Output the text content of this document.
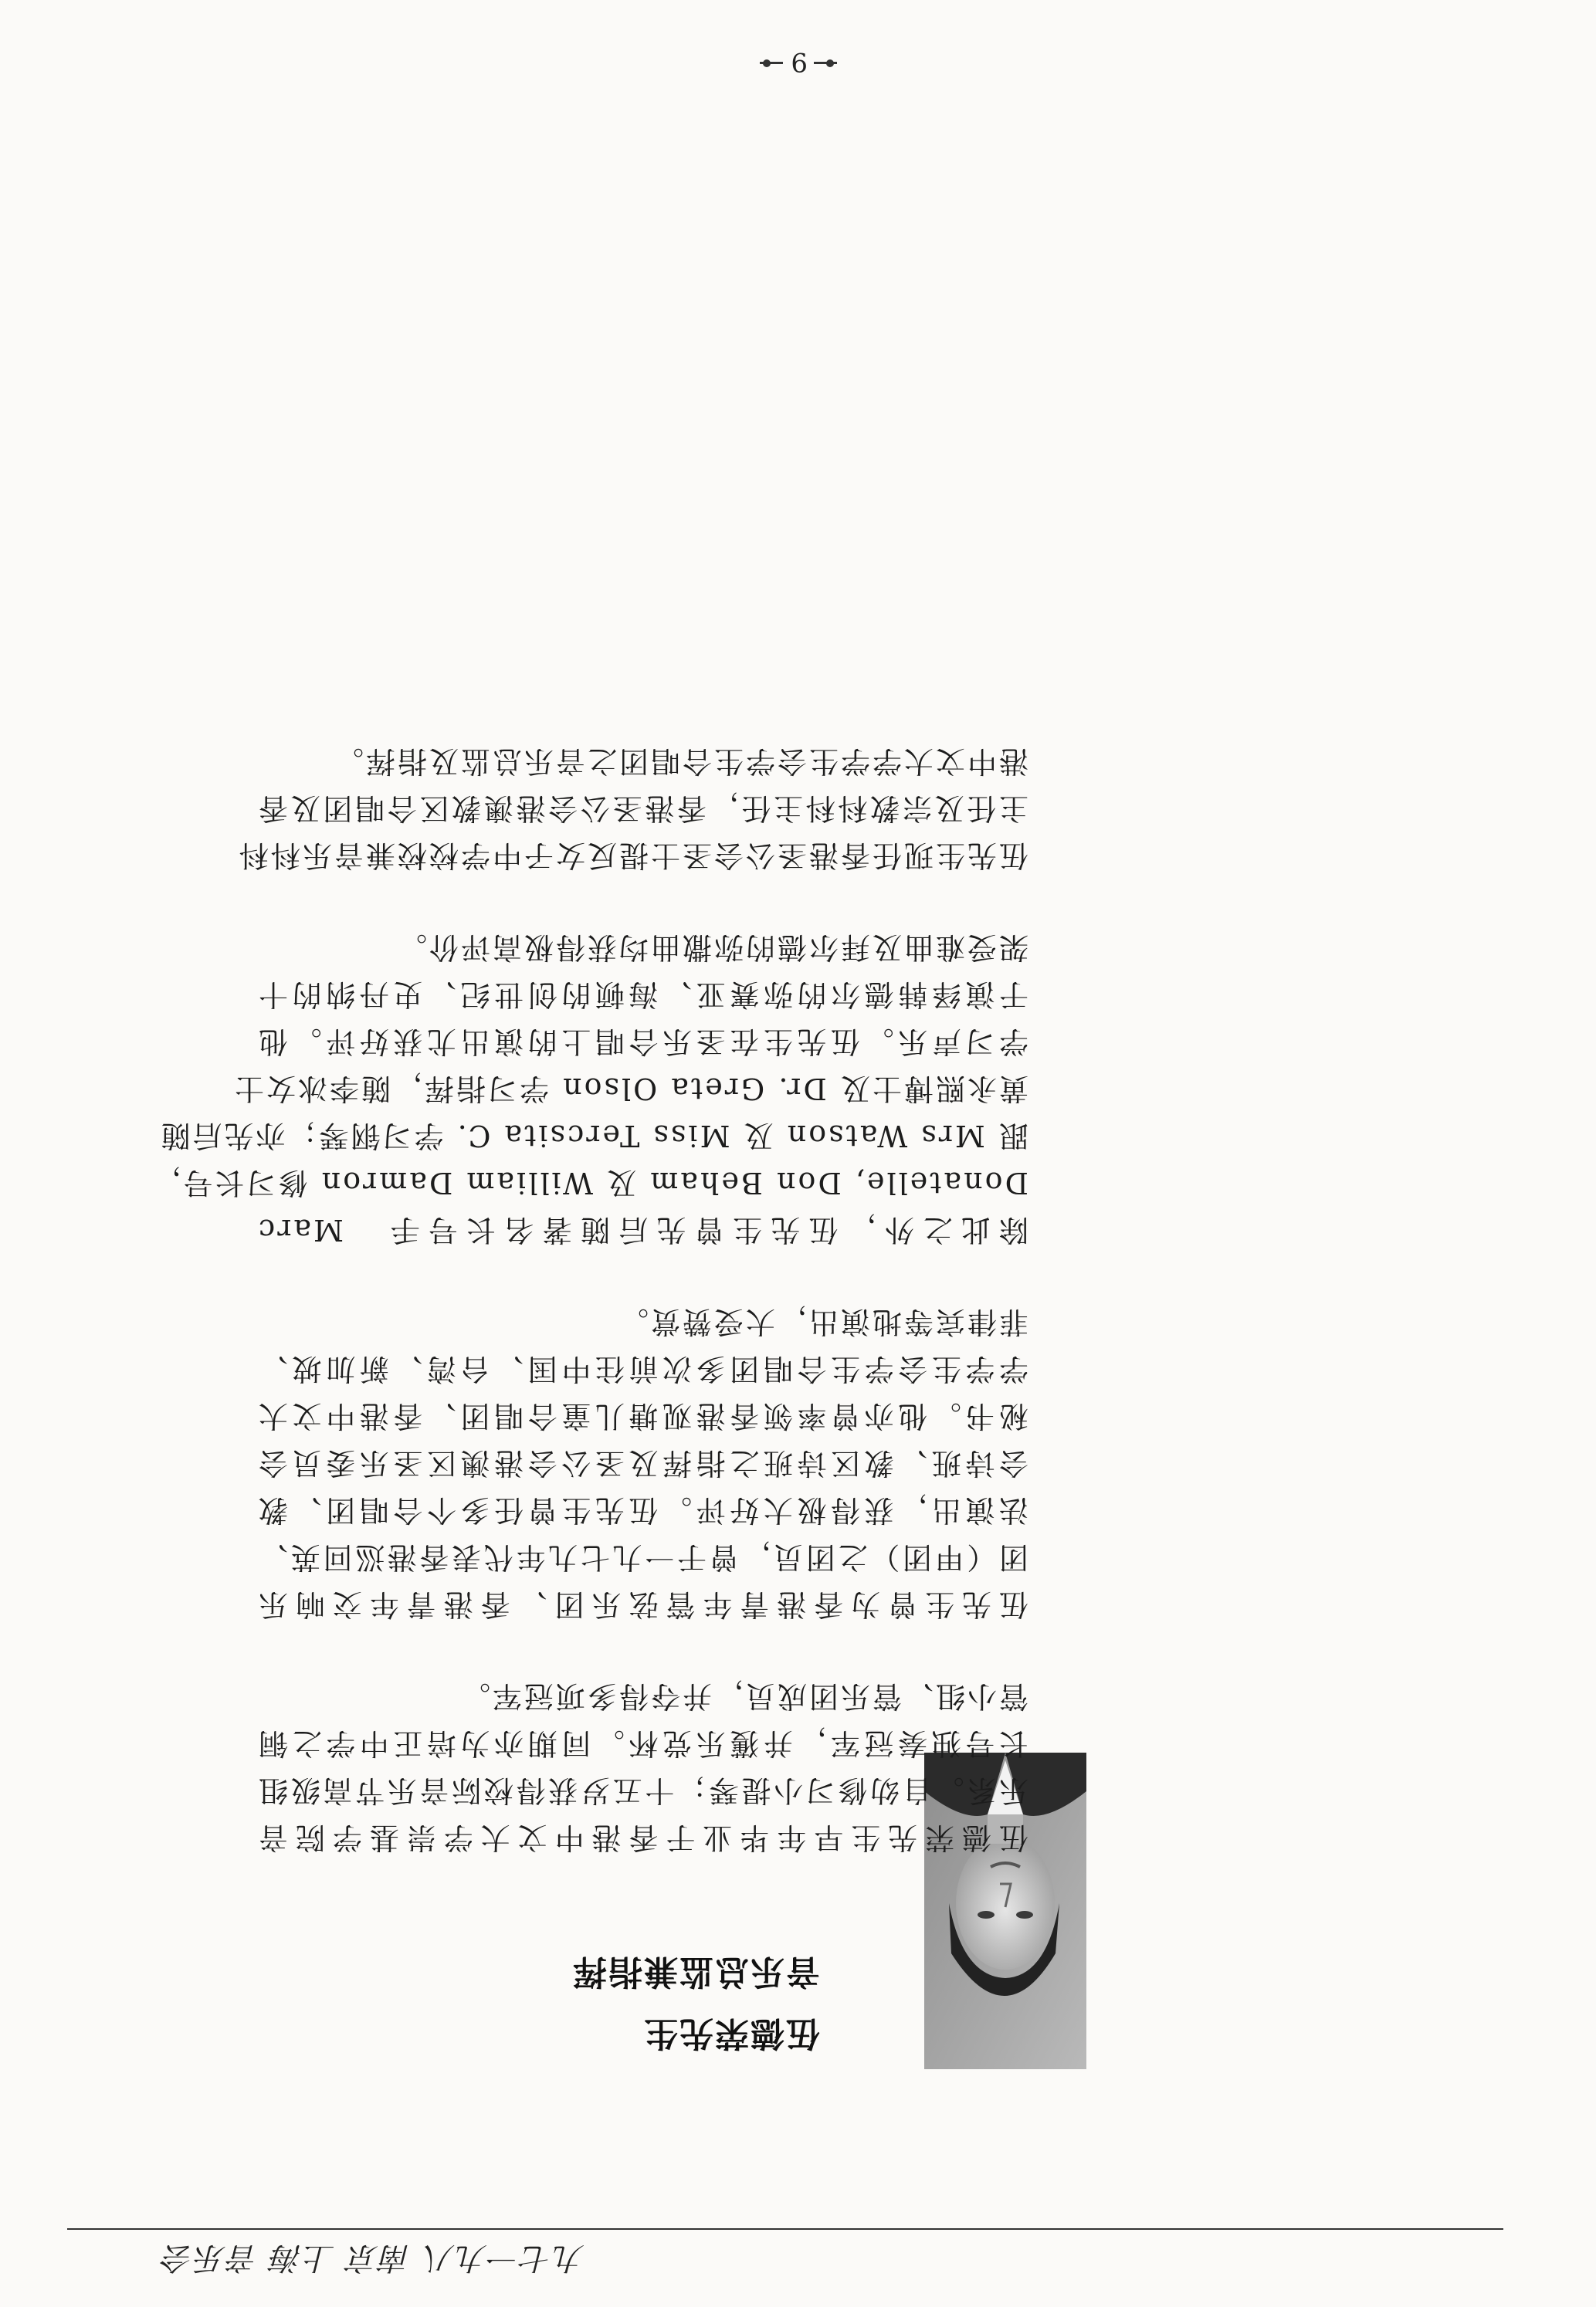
九七一九八 南京 上海 音乐会
伍德荣先生
音乐总监兼指挥
伍德荣先生早年毕业于香港中文大学崇基学院音
乐系。自幼修习小提琴；十五岁获得校际音乐节高级组
长号独奏冠军，并獲乐党杯。同期亦为培正中学之铜
管小组、管乐团成员，并夺得多项冠军。
伍先生曾为香港青年管弦乐团、香港青年交响乐
团（甲团）之团员，曾于一九七九年代表香港巡回英、
法演出，获得极大好评。伍先生曾任多个合唱团、教
会诗班、教区诗班之指挥及圣公会港澳区圣乐委员会
秘书。他亦曾率领香港观塘儿童合唱团、香港中文大
学学生会学生合唱团多次前往中国、台湾、新加坡、
菲律宾等地演出，大受赞赏。
除此之外，伍先生曾先后随著名长号手　Marc
Donatelle, Don Beham 及 William Damron 修习长号，
跟 Mrs Watson 及 Miss Tercsita C. 学习钢琴；亦先后随
黄永熙博士及 Dr. Greta Olson 学习指挥，随李冰女士
学习声乐。伍先生在圣乐合唱上的演出尤获好评。他
于演绎韩德尔的弥赛亚、海顿的创世纪、史丹纳的十
架受难曲及拜尔德的弥撒曲均获得极高评价。
伍先生现任香港圣公会圣士提反女子中学校校兼音乐科科
主任及宗教科科主任，香港圣公会港澳教区合唱团及香
港中文大学学生会学生合唱团之音乐总监及指挥。
9
